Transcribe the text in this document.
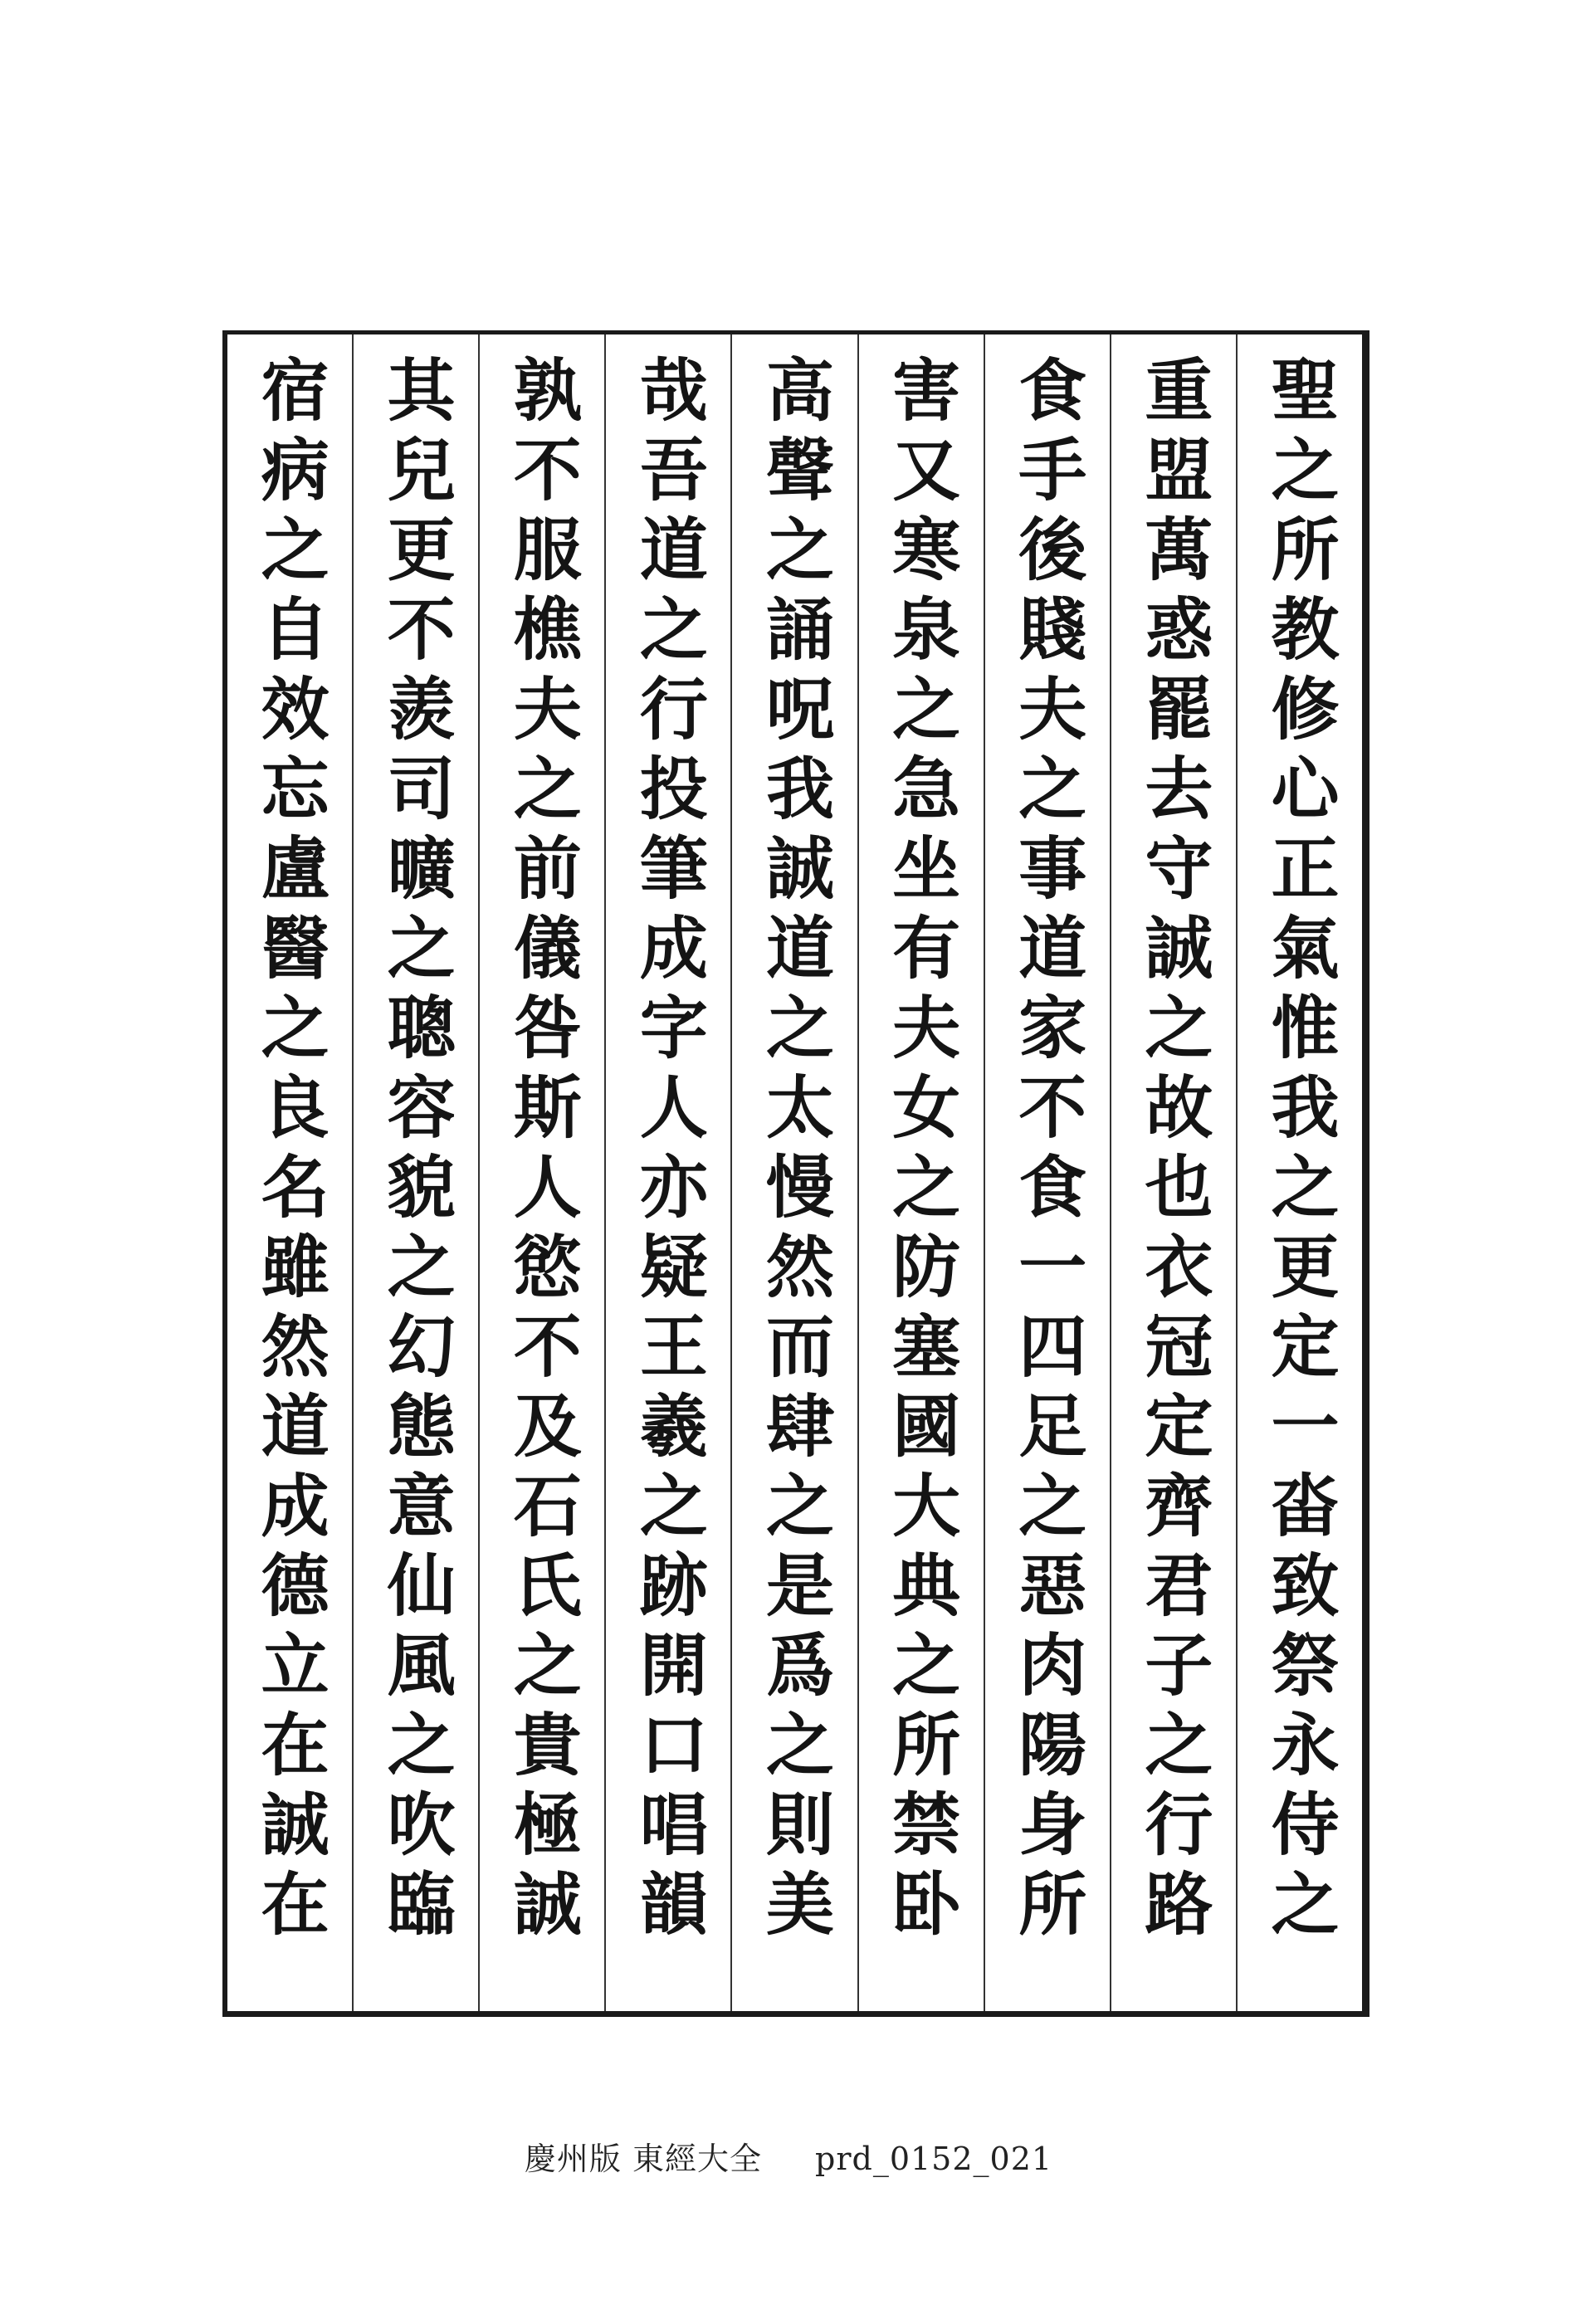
聖之所教修心正氣惟我之更定一畓致祭永侍之
重盟萬惑罷去守誠之故也衣冠定齊君子之行路
食手後賤夫之事道家不食一四足之惡肉陽身所
害又寒泉之急坐有夫女之防塞國大典之所禁卧
高聲之誦呪我誠道之太慢然而肆之是爲之則美
哉吾道之行投筆成字人亦疑王羲之跡開口唱韻
孰不服樵夫之前儀咎斯人慾不及石氏之貴極誠
其兒更不羨司曠之聰容貌之幻態意仙風之吹臨
宿病之自效忘盧醫之良名雖然道成德立在誠在
慶州版 東經大全 prd_0152_021
